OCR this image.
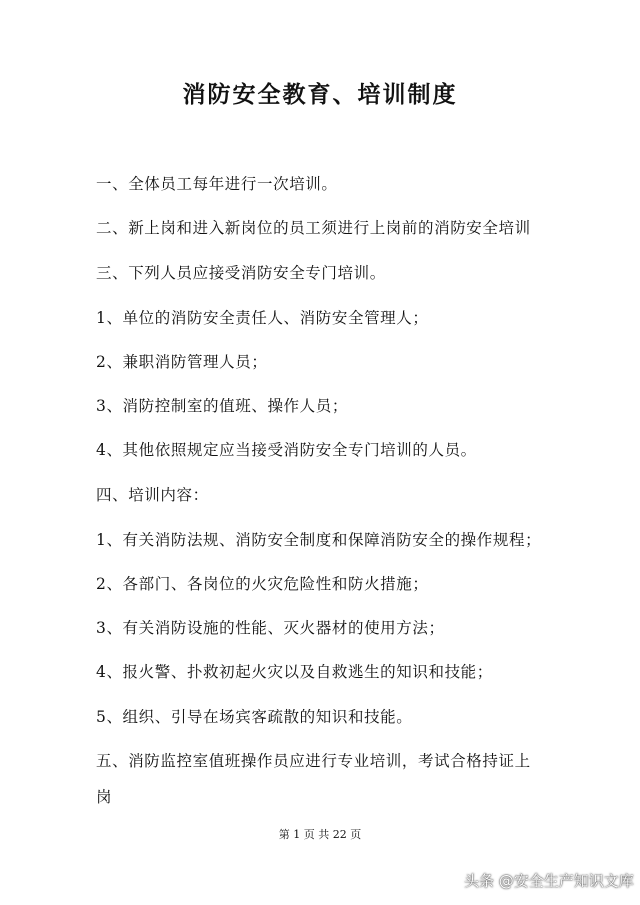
消防安全教育、培训制度
一、全体员工每年进行一次培训。
二、新上岗和进入新岗位的员工须进行上岗前的消防安全培训
三、下列人员应接受消防安全专门培训。
1、单位的消防安全责任人、消防安全管理人；
2、兼职消防管理人员；
3、消防控制室的值班、操作人员；
4、其他依照规定应当接受消防安全专门培训的人员。
四、培训内容：
1、有关消防法规、消防安全制度和保障消防安全的操作规程；
2、各部门、各岗位的火灾危险性和防火措施；
3、有关消防设施的性能、灭火器材的使用方法；
4、报火警、扑救初起火灾以及自救逃生的知识和技能；
5、组织、引导在场宾客疏散的知识和技能。
五、消防监控室值班操作员应进行专业培训，考试合格持证上岗
第 1 页 共 22 页
头条 @安全生产知识文库
